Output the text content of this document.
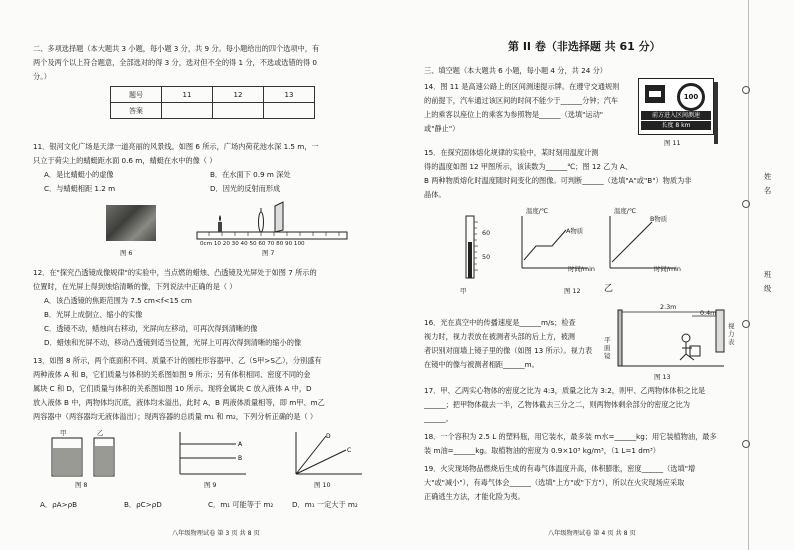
二、多项选择题（本大题共 3 小题，每小题 3 分，共 9 分。每小题给出的四个选项中，有
两个及两个以上符合题意，全部选对的得 3 分，选对但不全的得 1 分，不选或选错的得 0
分。）
题号	11	12	13
答案			
11．银河文化广场是天津一道亮丽的风景线。如图 6 所示，广场内荷花池水深 1.5 m，一
只立于荷尖上的蜻蜓距水面 0.6 m，蜻蜓在水中的像（ ）
A．是比蜻蜓小的虚像	B．在水面下 0.9 m 深处
C．与蜻蜓相距 1.2 m	D．因光的反射而形成
图 6
0cm 10 20 30 40 50 60 70 80 90 100
图 7
12．在"探究凸透镜成像规律"的实验中，当点燃的蜡烛、凸透镜及光屏处于如图 7 所示的
位置时，在光屏上得到烛焰清晰的像，下列说法中正确的是（ ）
A．该凸透镜的焦距范围为 7.5 cm<f<15 cm
B．光屏上成倒立、缩小的实像
C．透镜不动，蜡烛向右移动，光屏向左移动，可再次得到清晰的像
D．蜡烛和光屏不动，移动凸透镜到适当位置，光屏上可再次得到清晰的缩小的像
13．如图 8 所示，两个底面积不同、质量不计的圆柱形容器甲、乙（S甲>S乙），分别盛有
两种液体 A 和 B，它们质量与体积的关系图如图 9 所示；另有体积相同、密度不同的金
属块 C 和 D，它们质量与体积的关系图如图 10 所示。现将金属块 C 放入液体 A 中，D
放入液体 B 中，两物体均沉底，液体均未溢出，此时 A、B 两液体质量相等，即 m甲、m乙
两容器中（两容器均无液体溢出）；现两容器的总质量 m₁ 和 m₂，下列分析正确的是（ ）
甲	乙
图 8
A
B
图 9
D
C
图 10
A．ρA>ρB	B．ρC>ρD	C．m₁ 可能等于 m₂	D．m₁ 一定大于 m₂
八年级物理试卷 第 3 页 共 8 页
第 II 卷（非选择题 共 61 分）
三、填空题（本大题共 6 小题，每小题 4 分，共 24 分）
14．图 11 是高速公路上的区间测速提示牌。在遵守交通规则
的前提下，汽车通过该区间的时间不能少于______分钟；汽车
上的乘客以座位上的乘客为参照物是______（选填"运动"
或"静止"）
100
前方进入区间测速
长度 8 km
图 11
15．在探究固体熔化规律的实验中，某时刻用温度计测
得的温度如图 12 甲图所示，该读数为______℃；图 12 乙为 A、
B 两种物质熔化时温度随时间变化的图像。可判断______（选填"A"或"B"）物质为非
晶体。
60
50
甲
温度/℃
A物质
时间/min
温度/℃
B物质
时间/min
图 12	乙
16．光在真空中的传播速度是______m/s；检查
视力时，视力表放在被测者头部的后上方，被测
者识别对面墙上镜子里的像（如图 13 所示）。视力表
在镜中的像与被测者相距______m。
2.3m
0.4m
平面镜
视力表
图 13
17．甲、乙两实心物体的密度之比为 4:3，质量之比为 3:2，则甲、乙两物体体积之比是
______；把甲物体截去一半，乙物体截去三分之二，则两物体剩余部分的密度之比为
______。
18．一个容积为 2.5 L 的塑料瓶，用它装水，最多装 m水=______kg；用它装植物油，最多
装 m油=______kg。取植物油的密度为 0.9×10³ kg/m³，（1 L=1 dm³）
19．火灾现场物品燃烧后生成的有毒气体温度升高，体积膨胀，密度______（选填"增
大"或"减小"），有毒气体会______（选填"上方"或"下方"），所以在火灾现场应采取
正确逃生方法，才能化险为夷。
八年级物理试卷 第 4 页 共 8 页
姓
名
班
级
